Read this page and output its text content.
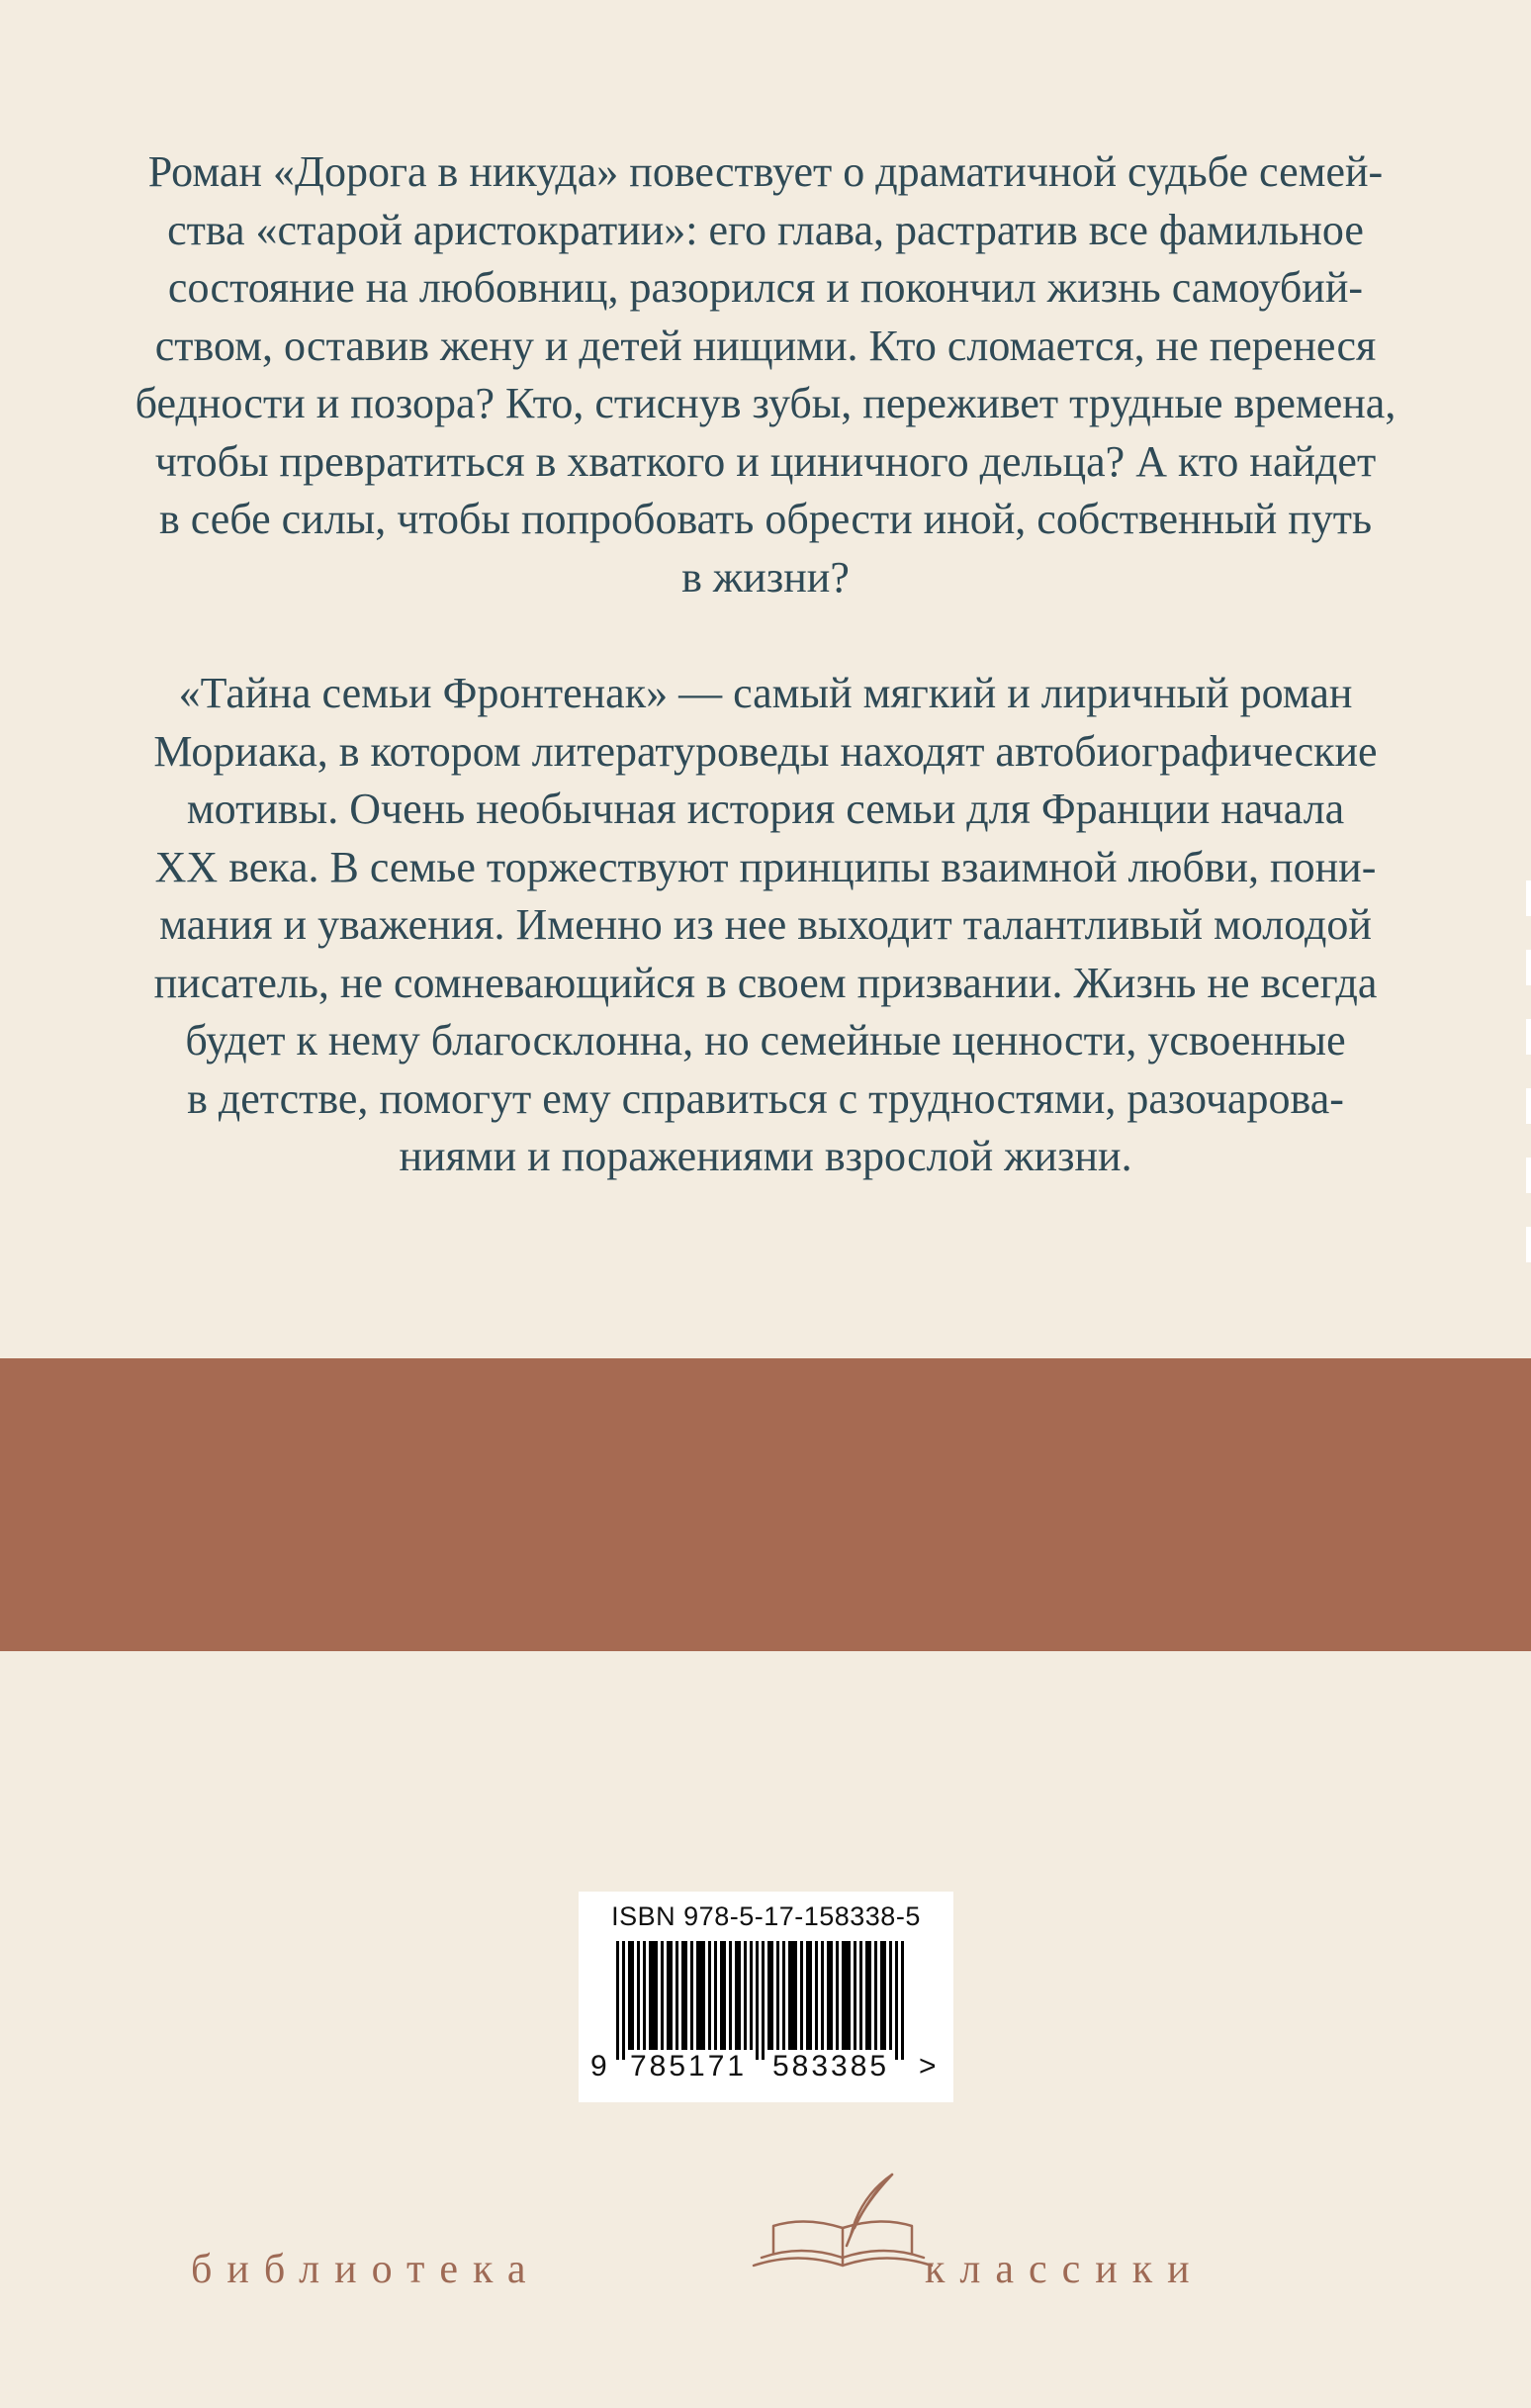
Роман «Дорога в никуда» повествует о драматичной судьбе семей-
ства «старой аристократии»: его глава, растратив все фамильное
состояние на любовниц, разорился и покончил жизнь самоубий-
ством, оставив жену и детей нищими. Кто сломается, не перенеся
бедности и позора? Кто, стиснув зубы, переживет трудные времена,
чтобы превратиться в хваткого и циничного дельца? А кто найдет
в себе силы, чтобы попробовать обрести иной, собственный путь
в жизни?
«Тайна семьи Фронтенак» — самый мягкий и лиричный роман
Мориака, в котором литературоведы находят автобиографические
мотивы. Очень необычная история семьи для Франции начала
XX века. В семье торжествуют принципы взаимной любви, пони-
мания и уважения. Именно из нее выходит талантливый молодой
писатель, не сомневающийся в своем призвании. Жизнь не всегда
будет к нему благосклонна, но семейные ценности, усвоенные
в детстве, помогут ему справиться с трудностями, разочарова-
ниями и поражениями взрослой жизни.
ISBN 978-5-17-158338-5
9 785171 583385 >
библиотека	классики
